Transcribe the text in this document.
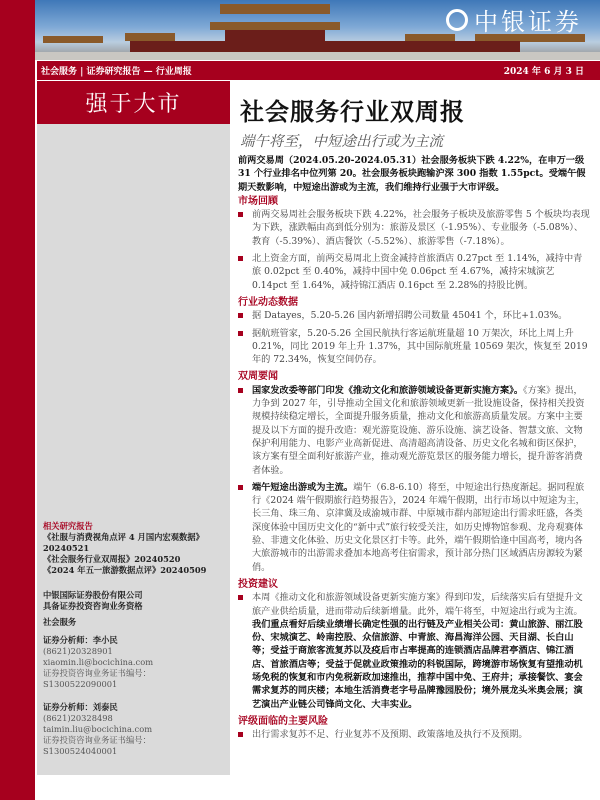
中银证券
社会服务 | 证券研究报告 — 行业周报	2024 年 6 月 3 日
强于大市
相关研究报告
《社服与消费视角点评 4 月国内宏观数据》20240521
《社会服务行业双周报》20240520
《2024 年五一旅游数据点评》20240509
中银国际证券股份有限公司
具备证券投资咨询业务资格
社会服务
证券分析师：李小民
(8621)20328901
xiaomin.li@bocichina.com
证券投资咨询业务证书编号：S1300522090001
证券分析师：刘泰民
(8621)20328498
taimin.liu@bocichina.com
证券投资咨询业务证书编号：S1300524040001
社会服务行业双周报
端午将至，中短途出行或为主流
前两交易周（2024.05.20-2024.05.31）社会服务板块下跌 4.22%，在申万一级 31 个行业排名中位列第 20。社会服务板块跑输沪深 300 指数 1.55pct。受端午假期天数影响，中短途出游或为主流，我们维持行业强于大市评级。
市场回顾
前两交易周社会服务板块下跌 4.22%，社会服务子板块及旅游零售 5 个板块均表现为下跌，涨跌幅由高到低分别为：旅游及景区（-1.95%）、专业服务（-5.08%）、教育（-5.39%）、酒店餐饮（-5.52%）、旅游零售（-7.18%）。
北上资金方面，前两交易周北上资金减持首旅酒店 0.27pct 至 1.14%，减持中青旅 0.02pct 至 0.40%，减持中国中免 0.06pct 至 4.67%，减持宋城演艺 0.14pct 至 1.64%，减持锦江酒店 0.16pct 至 2.28%的持股比例。
行业动态数据
据 Datayes，5.20-5.26 国内新增招聘公司数量 45041 个，环比+1.03%。
据航班管家，5.20-5.26 全国民航执行客运航班量超 10 万架次，环比上周上升 0.21%，同比 2019 年上升 1.37%，其中国际航班量 10569 架次，恢复至 2019 年的 72.34%，恢复空间仍存。
双周要闻
国家发改委等部门印发《推动文化和旅游领域设备更新实施方案》。《方案》提出，力争到 2027 年，引导推动全国文化和旅游领域更新一批设施设备，保持相关投资规模持续稳定增长，全面提升服务质量，推动文化和旅游高质量发展。方案中主要提及以下方面的提升改造：观光游览设施、游乐设施、演艺设备、智慧文旅、文物保护利用能力、电影产业高新促进、高清超高清设备、历史文化名城和街区保护，该方案有望全面利好旅游产业，推动观光游览景区的服务能力增长，提升游客消费者体验。
端午短途出游或为主流。端午（6.8-6.10）将至，中短途出行热度渐起。据同程旅行《2024 端午假期旅行趋势报告》，2024 年端午假期，出行市场以中短途为主，长三角、珠三角、京津冀及成渝城市群、中原城市群内部短途出行需求旺盛，各类深度体验中国历史文化的“新中式”旅行较受关注，如历史博物馆参观、龙舟观赛体验、非遗文化体验、历史文化景区打卡等。此外，端午假期恰逢中国高考，境内各大旅游城市的出游需求叠加本地高考住宿需求，预计部分热门区域酒店房源较为紧俏。
投资建议
本周《推动文化和旅游领域设备更新实施方案》得到印发，后续落实后有望提升文旅产业供给质量，进而带动后续新增量。此外，端午将至，中短途出行或为主流。我们重点看好后续业绩增长确定性强的出行链及产业相关公司：黄山旅游、丽江股份、宋城演艺、岭南控股、众信旅游、中青旅、海昌海洋公园、天目湖、长白山等；受益于商旅客流复苏以及疫后市占率提高的连锁酒店品牌君亭酒店、锦江酒店、首旅酒店等；受益于促就业政策推动的科锐国际，跨境游市场恢复有望推动机场免税的恢复和市内免税新政加速推出，推荐中国中免、王府井；承接餐饮、宴会需求复苏的同庆楼；本地生活消费老字号品牌豫园股份；境外展龙头米奥会展；演艺演出产业链公司锋尚文化、大丰实业。
评级面临的主要风险
出行需求复苏不足、行业复苏不及预期、政策落地及执行不及预期。
